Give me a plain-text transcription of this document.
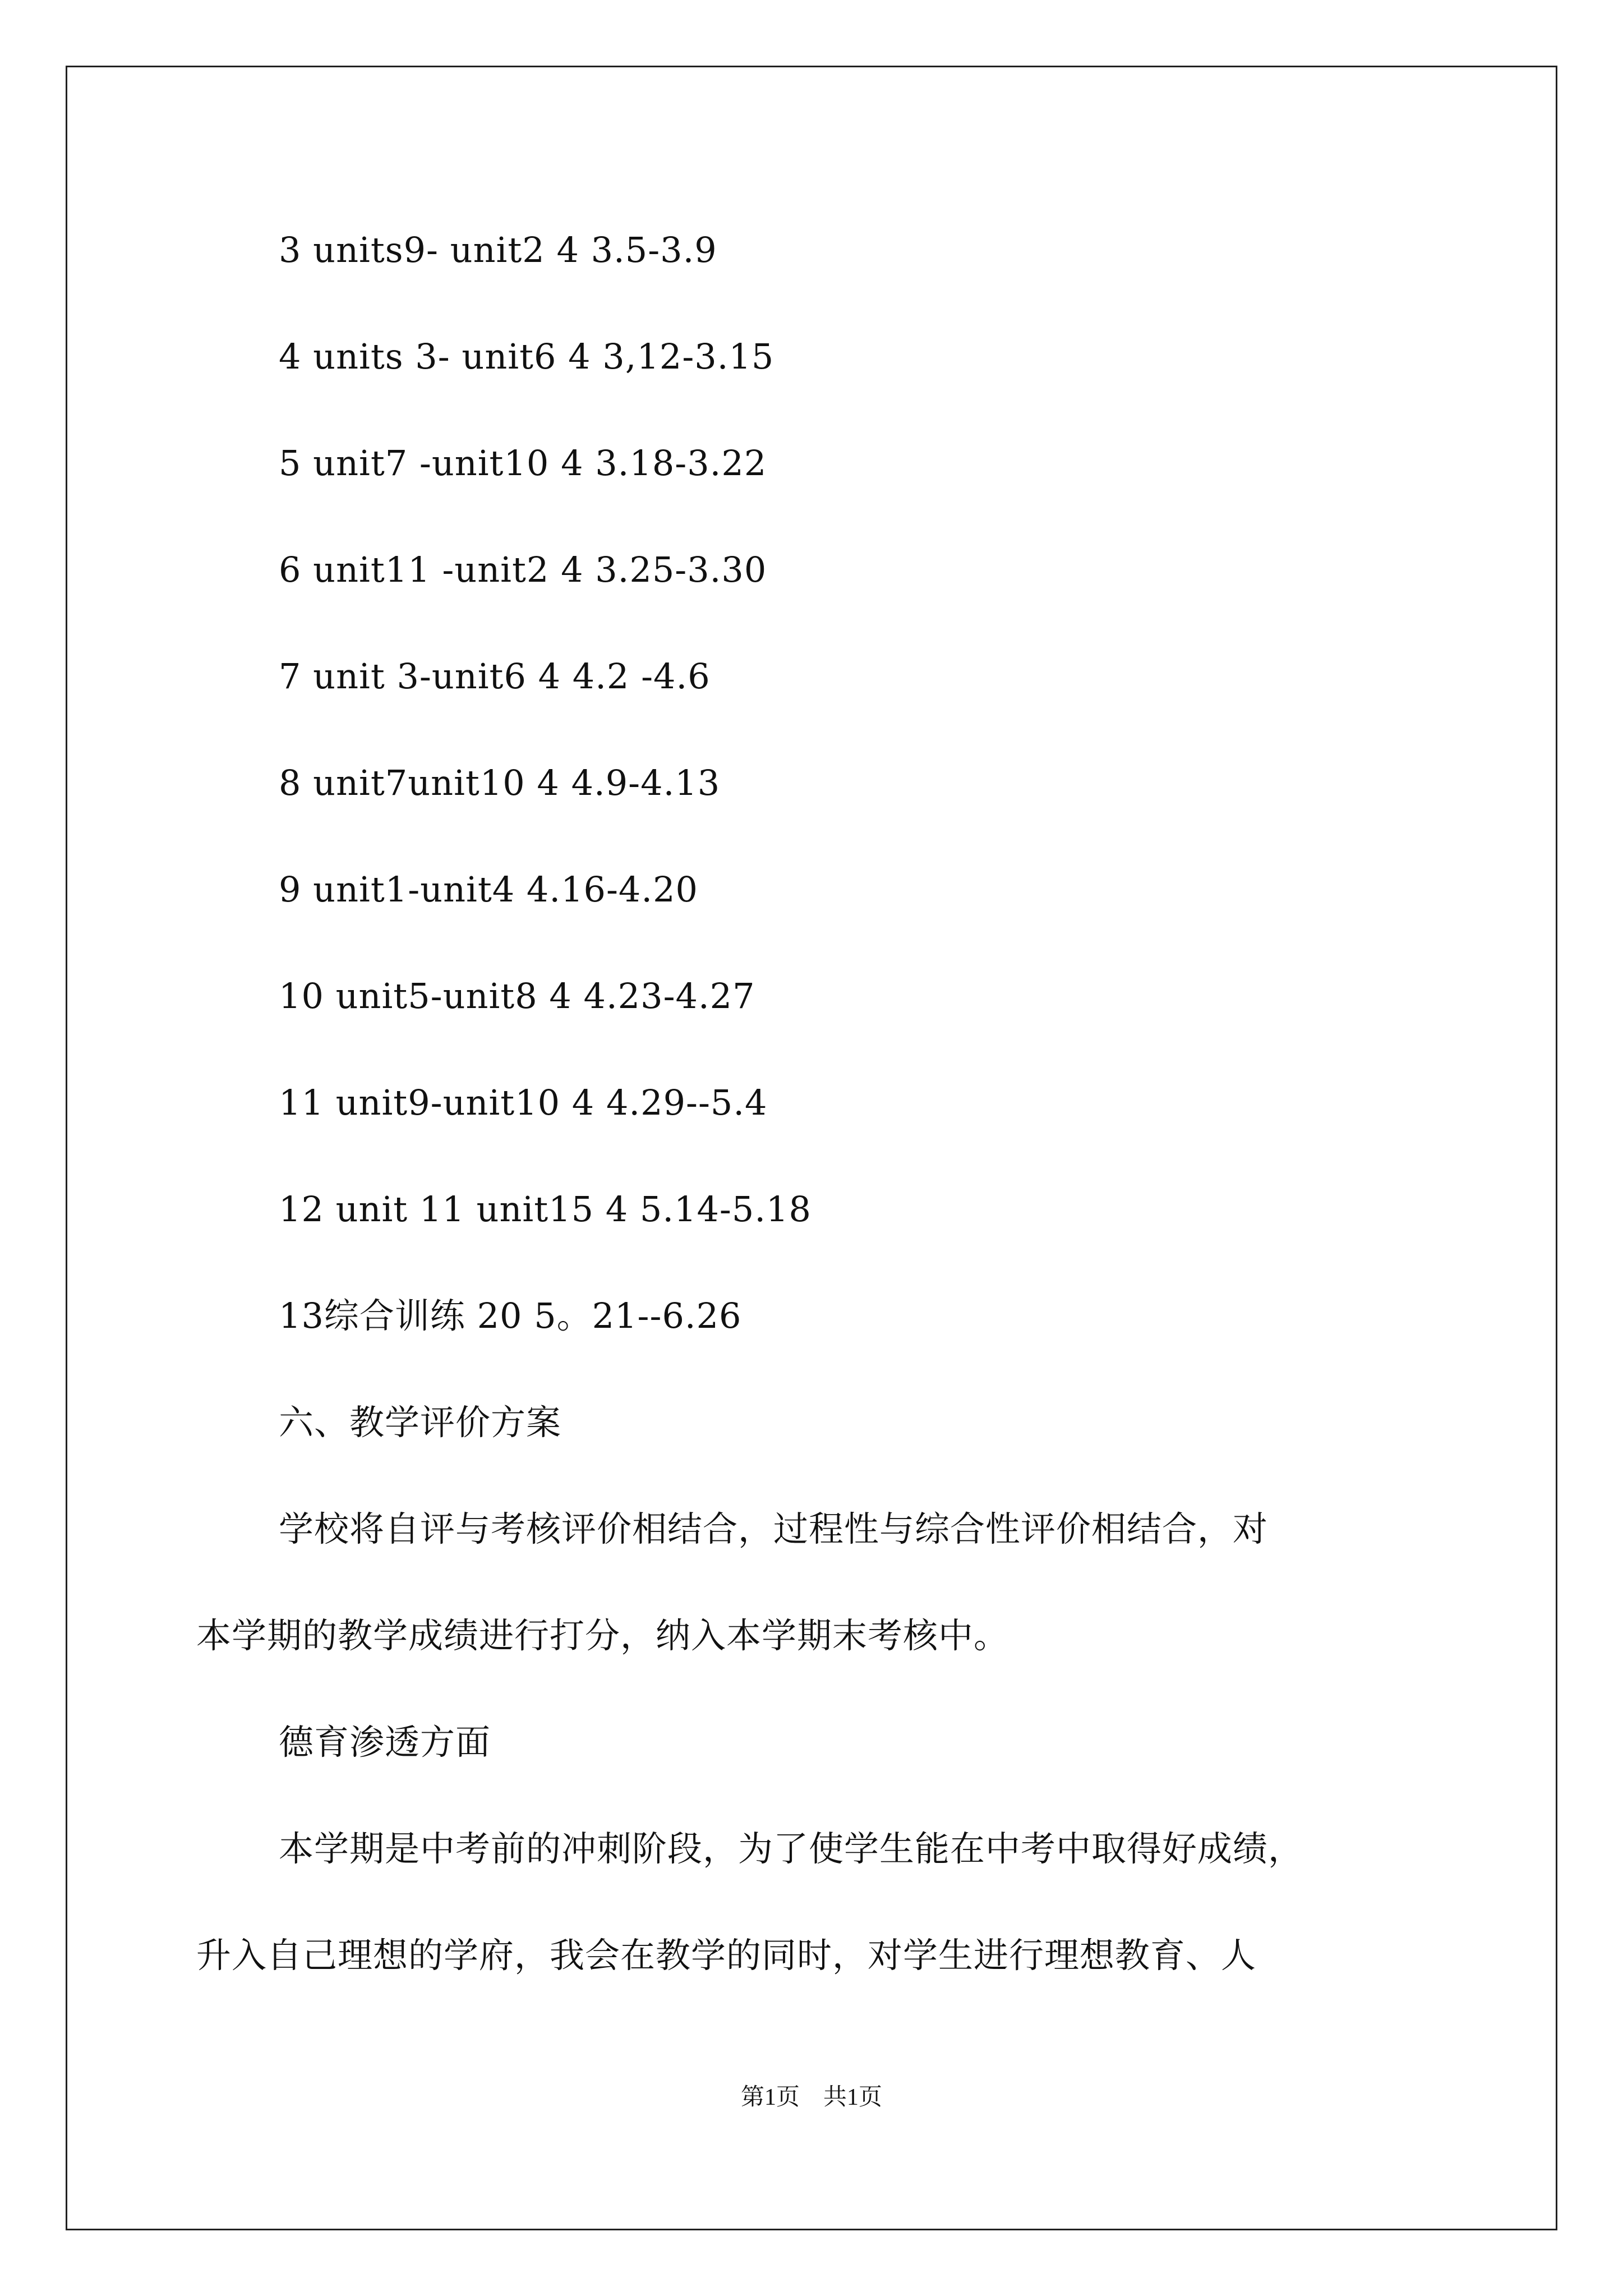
3 units9- unit2 4 3.5-3.9
4 units 3- unit6 4 3,12-3.15
5 unit7 -unit10 4 3.18-3.22
6 unit11 -unit2 4 3.25-3.30
7 unit 3-unit6 4 4.2 -4.6
8 unit7unit10 4 4.9-4.13
9 unit1-unit4 4.16-4.20
10 unit5-unit8 4 4.23-4.27
11 unit9-unit10 4 4.29--5.4
12 unit 11 unit15 4 5.14-5.18
13综合训练 20 5。21--6.26
六、教学评价方案
学校将自评与考核评价相结合，过程性与综合性评价相结合，对
本学期的教学成绩进行打分，纳入本学期末考核中。
德育渗透方面
本学期是中考前的冲刺阶段，为了使学生能在中考中取得好成绩，
升入自己理想的学府，我会在教学的同时，对学生进行理想教育、人
第1页　共1页
